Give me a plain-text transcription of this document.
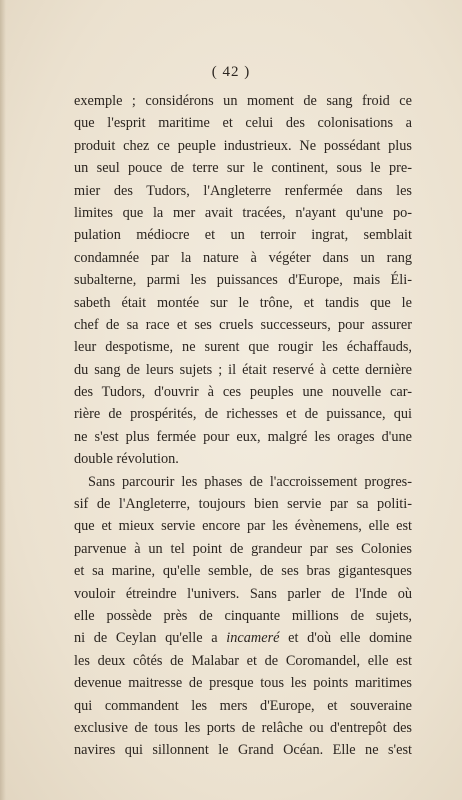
( 42 )
exemple ; considérons un moment de sang froid ce
que l'esprit maritime et celui des colonisations a
produit chez ce peuple industrieux. Ne possédant plus
un seul pouce de terre sur le continent, sous le pre-
mier des Tudors, l'Angleterre renfermée dans les
limites que la mer avait tracées, n'ayant qu'une po-
pulation médiocre et un terroir ingrat, semblait
condamnée par la nature à végéter dans un rang
subalterne, parmi les puissances d'Europe, mais Éli-
sabeth était montée sur le trône, et tandis que le
chef de sa race et ses cruels successeurs, pour assurer
leur despotisme, ne surent que rougir les échaffauds,
du sang de leurs sujets ; il était reservé à cette dernière
des Tudors, d'ouvrir à ces peuples une nouvelle car-
rière de prospérités, de richesses et de puissance, qui
ne s'est plus fermée pour eux, malgré les orages d'une
double révolution.
Sans parcourir les phases de l'accroissement progres-
sif de l'Angleterre, toujours bien servie par sa politi-
que et mieux servie encore par les évènemens, elle est
parvenue à un tel point de grandeur par ses Colonies
et sa marine, qu'elle semble, de ses bras gigantesques
vouloir étreindre l'univers. Sans parler de l'Inde où
elle possède près de cinquante millions de sujets,
ni de Ceylan qu'elle a incameré et d'où elle domine
les deux côtés de Malabar et de Coromandel, elle est
devenue maitresse de presque tous les points maritimes
qui commandent les mers d'Europe, et souveraine
exclusive de tous les ports de relâche ou d'entrepôt des
navires qui sillonnent le Grand Océan. Elle ne s'est
